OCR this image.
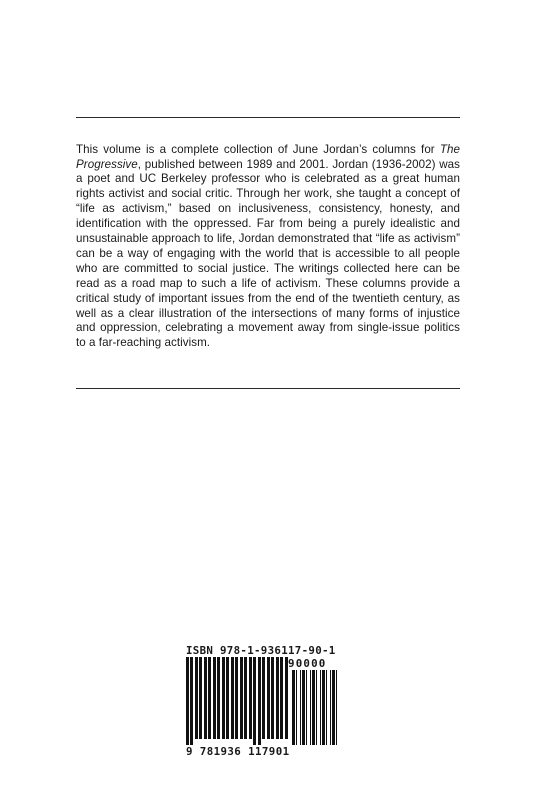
This volume is a complete collection of June Jordan’s columns for The Progressive, published between 1989 and 2001. Jordan (1936-2002) was a poet and UC Berkeley professor who is celebrated as a great human rights activist and social critic. Through her work, she taught a concept of “life as activism,” based on inclusiveness, consistency, honesty, and identification with the oppressed. Far from being a purely idealistic and unsustainable approach to life, Jordan demonstrated that “life as activism” can be a way of engaging with the world that is accessible to all people who are committed to social justice. The writings collected here can be read as a road map to such a life of activism. These columns provide a critical study of important issues from the end of the twentieth century, as well as a clear illustration of the intersections of many forms of injustice and oppression, celebrating a movement away from single-issue politics to a far-reaching activism.

ISBN 978-1-936117-90-1
90000
9 781936 117901
